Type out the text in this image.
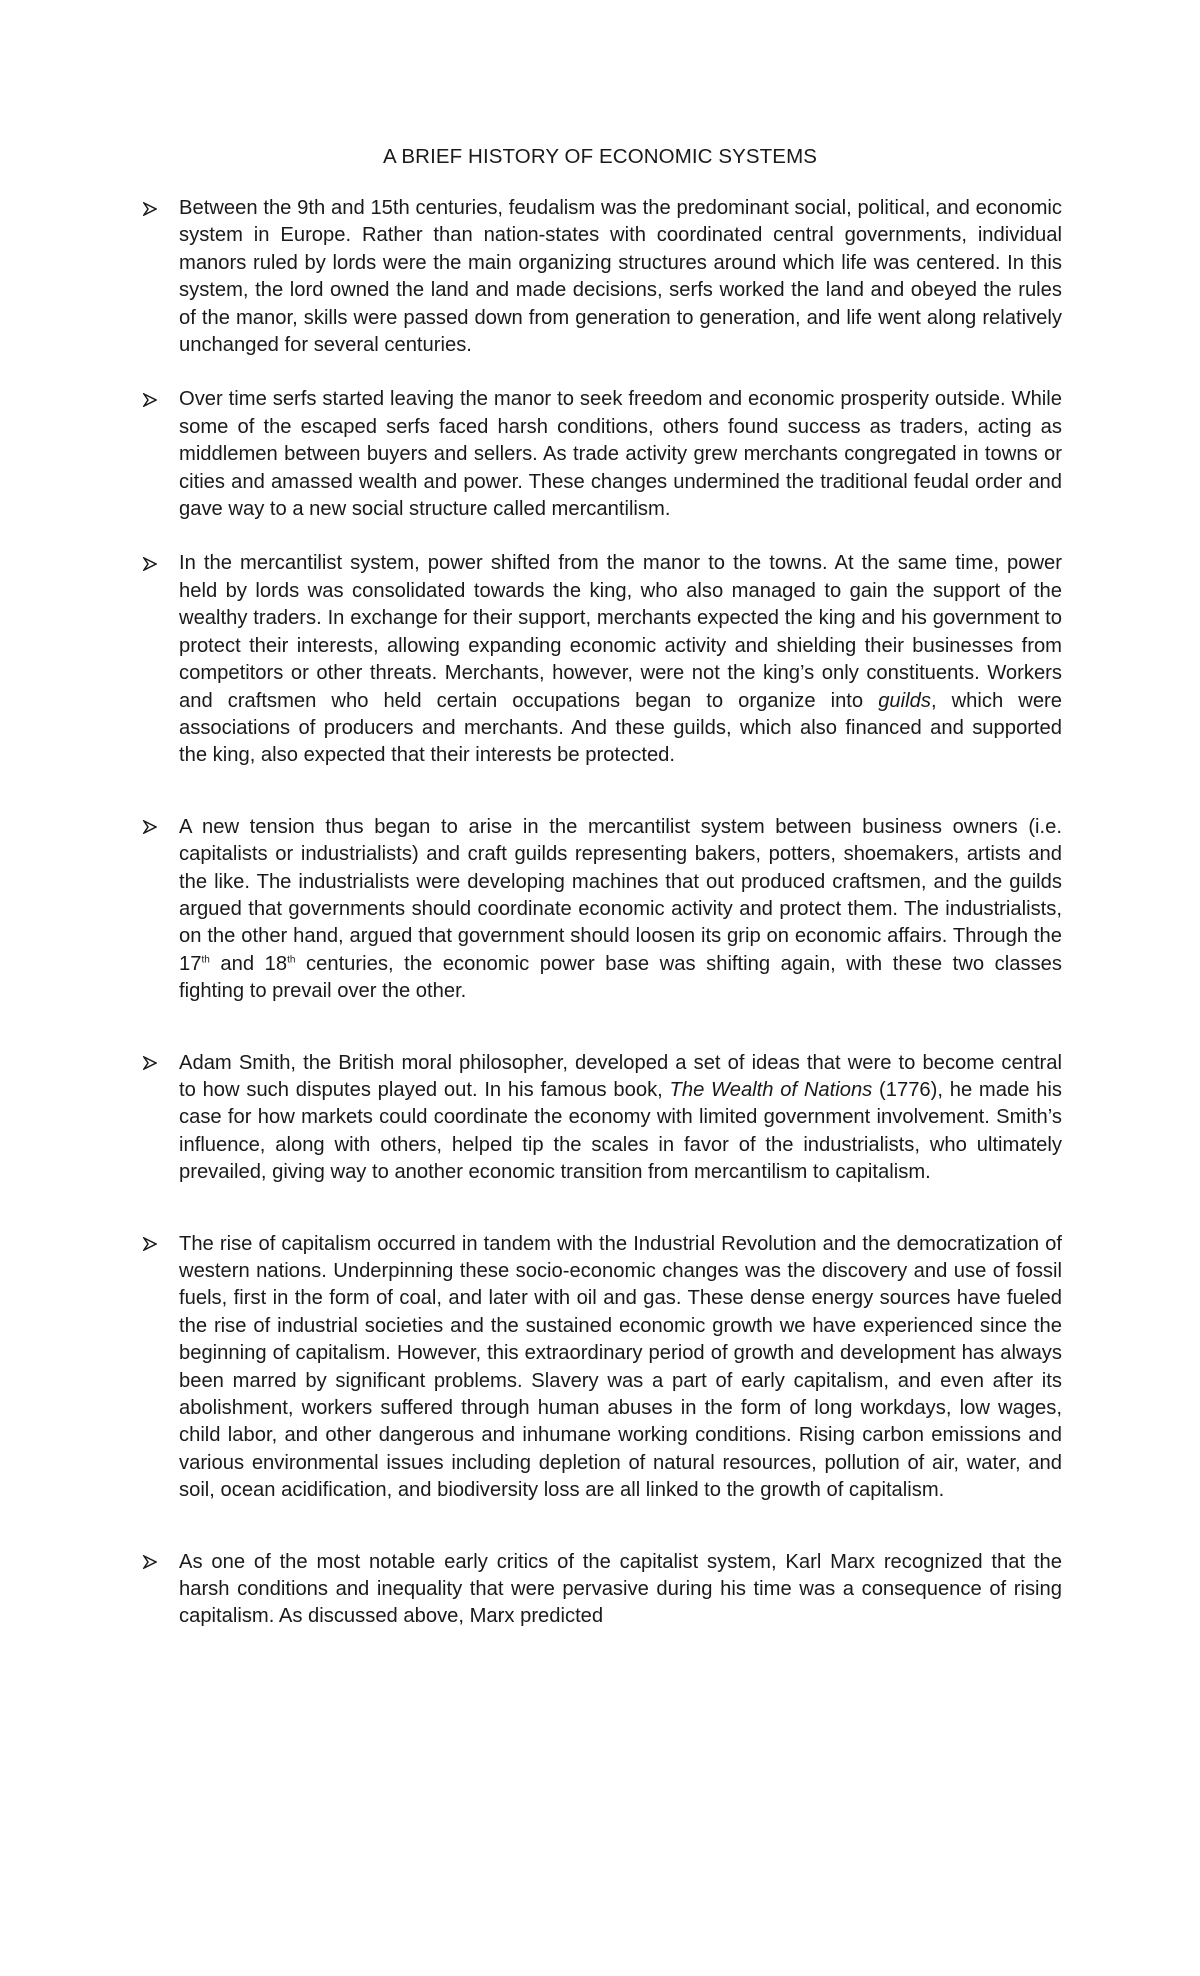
A BRIEF HISTORY OF ECONOMIC SYSTEMS

Between the 9th and 15th centuries, feudalism was the predominant social, political, and economic system in Europe. Rather than nation-states with coordinated central governments, individual manors ruled by lords were the main organizing structures around which life was centered. In this system, the lord owned the land and made decisions, serfs worked the land and obeyed the rules of the manor, skills were passed down from generation to generation, and life went along relatively unchanged for several centuries.

Over time serfs started leaving the manor to seek freedom and economic prosperity outside. While some of the escaped serfs faced harsh conditions, others found success as traders, acting as middlemen between buyers and sellers. As trade activity grew merchants congregated in towns or cities and amassed wealth and power. These changes undermined the traditional feudal order and gave way to a new social structure called mercantilism.

In the mercantilist system, power shifted from the manor to the towns. At the same time, power held by lords was consolidated towards the king, who also managed to gain the support of the wealthy traders. In exchange for their support, merchants expected the king and his government to protect their interests, allowing expanding economic activity and shielding their businesses from competitors or other threats. Merchants, however, were not the king’s only constituents. Workers and craftsmen who held certain occupations began to organize into guilds, which were associations of producers and merchants. And these guilds, which also financed and supported the king, also expected that their interests be protected.

A new tension thus began to arise in the mercantilist system between business owners (i.e. capitalists or industrialists) and craft guilds representing bakers, potters, shoemakers, artists and the like. The industrialists were developing machines that out produced craftsmen, and the guilds argued that governments should coordinate economic activity and protect them. The industrialists, on the other hand, argued that government should loosen its grip on economic affairs. Through the 17th and 18th centuries, the economic power base was shifting again, with these two classes fighting to prevail over the other.

Adam Smith, the British moral philosopher, developed a set of ideas that were to become central to how such disputes played out. In his famous book, The Wealth of Nations (1776), he made his case for how markets could coordinate the economy with limited government involvement. Smith’s influence, along with others, helped tip the scales in favor of the industrialists, who ultimately prevailed, giving way to another economic transition from mercantilism to capitalism.

The rise of capitalism occurred in tandem with the Industrial Revolution and the democratization of western nations. Underpinning these socio-economic changes was the discovery and use of fossil fuels, first in the form of coal, and later with oil and gas. These dense energy sources have fueled the rise of industrial societies and the sustained economic growth we have experienced since the beginning of capitalism. However, this extraordinary period of growth and development has always been marred by significant problems. Slavery was a part of early capitalism, and even after its abolishment, workers suffered through human abuses in the form of long workdays, low wages, child labor, and other dangerous and inhumane working conditions. Rising carbon emissions and various environmental issues including depletion of natural resources, pollution of air, water, and soil, ocean acidification, and biodiversity loss are all linked to the growth of capitalism.

As one of the most notable early critics of the capitalist system, Karl Marx recognized that the harsh conditions and inequality that were pervasive during his time was a consequence of rising capitalism. As discussed above, Marx predicted
